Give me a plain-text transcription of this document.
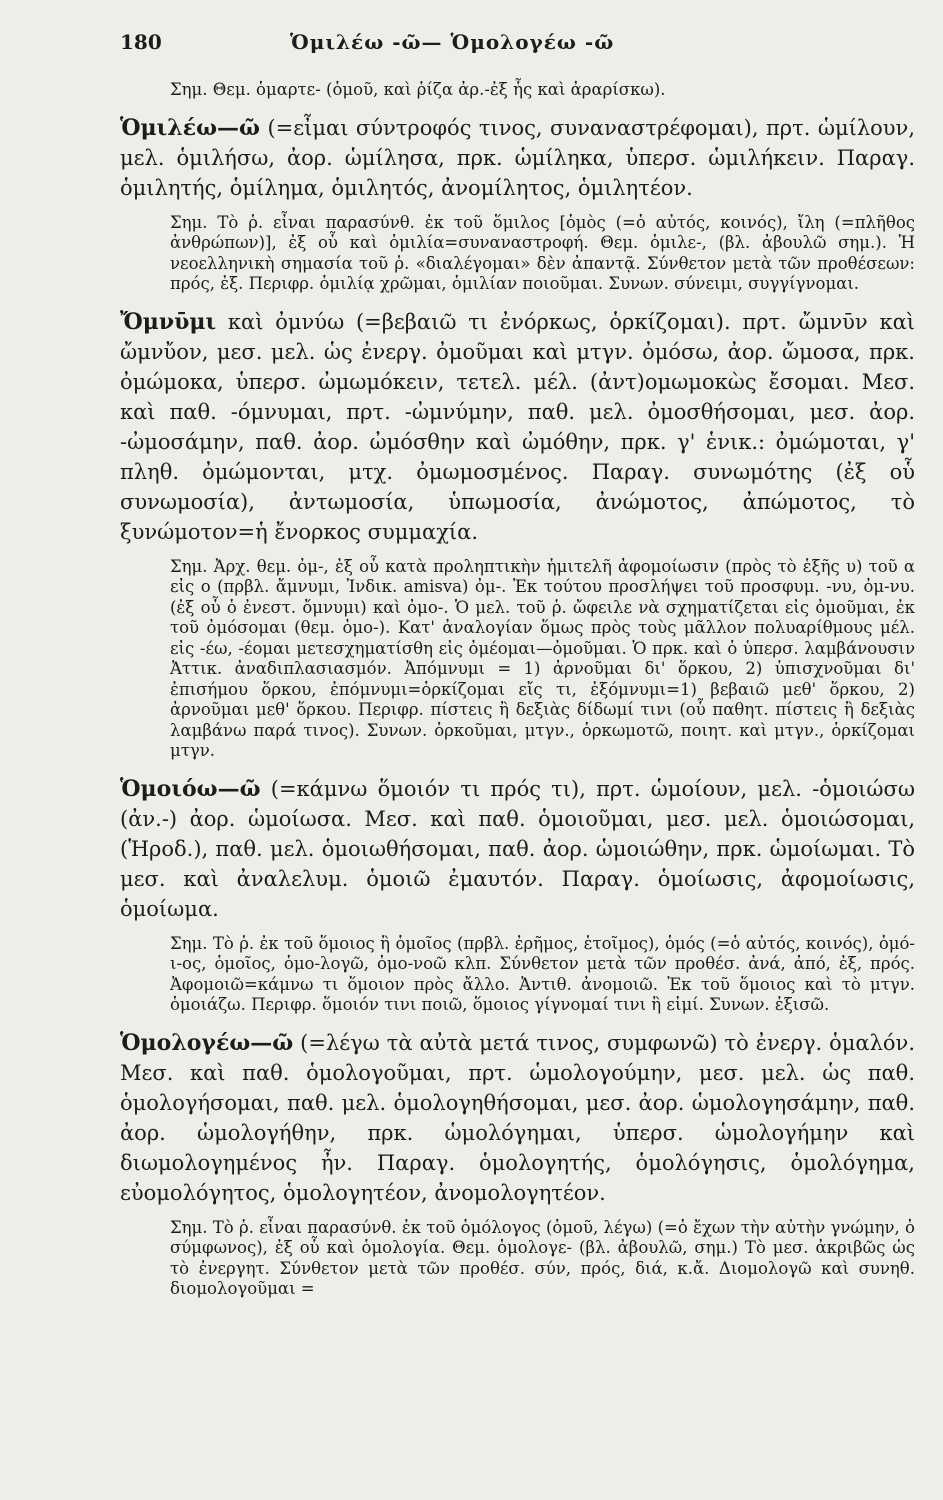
180	Ὁμιλέω -ῶ— Ὁμολογέω -ῶ

Σημ. Θεμ. ὁμαρτε- (ὁμοῦ, καὶ ῥίζα ἀρ.-ἐξ ἧς καὶ ἀραρίσκω).

Ὁμιλέω—ῶ (=εἶμαι σύντροφός τινος, συναναστρέφομαι), πρτ. ὡμίλουν, μελ. ὁμιλήσω, ἀορ. ὡμίλησα, πρκ. ὡμίληκα, ὑπερσ. ὡμιλήκειν. Παραγ. ὁμιλητής, ὁμίλημα, ὁμιλητός, ἀνομίλητος, ὁμιλητέον.

Σημ. Τὸ ῥ. εἶναι παρασύνθ. ἐκ τοῦ ὅμιλος [ὁμὸς (=ὁ αὐτός, κοινός), ἴλη (=πλῆθος ἀνθρώπων)], ἐξ οὗ καὶ ὁμιλία=συναναστροφή. Θεμ. ὁμιλε-, (βλ. ἀβουλῶ σημ.). Ἡ νεοελληνικὴ σημασία τοῦ ῥ. «διαλέγομαι» δὲν ἀπαντᾷ. Σύνθετον μετὰ τῶν προθέσεων: πρός, ἐξ. Περιφρ. ὁμιλίᾳ χρῶμαι, ὁμιλίαν ποιοῦμαι. Συνων. σύνειμι, συγγίγνομαι.

Ὄμνῡμι καὶ ὀμνύω (=βεβαιῶ τι ἐνόρκως, ὁρκίζομαι). πρτ. ὤμνῡν καὶ ὤμνὔον, μεσ. μελ. ὡς ἐνεργ. ὀμοῦμαι καὶ μτγν. ὀμόσω, ἀορ. ὤμοσα, πρκ. ὀμώμοκα, ὑπερσ. ὠμωμόκειν, τετελ. μέλ. (ἀντ)ομωμοκὼς ἔσομαι. Μεσ. καὶ παθ. -όμνυμαι, πρτ. -ὠμνύμην, παθ. μελ. ὀμοσθήσομαι, μεσ. ἀορ. -ὠμοσάμην, παθ. ἀορ. ὠμόσθην καὶ ὠμόθην, πρκ. γ' ἑνικ.: ὀμώμοται, γ' πληθ. ὀμώμονται, μτχ. ὀμωμοσμένος. Παραγ. συνωμότης (ἐξ οὗ συνωμοσία), ἀντωμοσία, ὑπωμοσία, ἀνώμοτος, ἀπώμοτος, τὸ ξυνώμοτον=ἡ ἔνορκος συμμαχία.

Σημ. Ἀρχ. θεμ. ὀμ-, ἐξ οὗ κατὰ προληπτικὴν ἡμιτελῆ ἀφομοίωσιν (πρὸς τὸ ἑξῆς υ) τοῦ α εἰς ο (πρβλ. ἄμνυμι, Ἰνδικ. amisva) ὀμ-. Ἐκ τούτου προσλήψει τοῦ προσφυμ. -νυ, ὀμ-νυ. (ἐξ οὗ ὁ ἐνεστ. ὄμνυμι) καὶ ὀμο-. Ὁ μελ. τοῦ ῥ. ὤφειλε νὰ σχηματίζεται εἰς ὀμοῦμαι, ἐκ τοῦ ὀμόσομαι (θεμ. ὀμο-). Κατ' ἀναλογίαν ὅμως πρὸς τοὺς μᾶλλον πολυαρίθμους μέλ. εἰς -έω, -έομαι μετεσχηματίσθη εἰς ὀμέομαι—ὀμοῦμαι. Ὁ πρκ. καὶ ὁ ὑπερσ. λαμβάνουσιν Ἀττικ. ἀναδιπλασιασμόν. Ἀπόμνυμι = 1) ἀρνοῦμαι δι' ὅρκου, 2) ὑπισχνοῦμαι δι' ἐπισήμου ὅρκου, ἐπόμνυμι=ὁρκίζομαι εἴς τι, ἐξόμνυμι=1) βεβαιῶ μεθ' ὅρκου, 2) ἀρνοῦμαι μεθ' ὅρκου. Περιφρ. πίστεις ἢ δεξιὰς δίδωμί τινι (οὗ παθητ. πίστεις ἢ δεξιὰς λαμβάνω παρά τινος). Συνων. ὁρκοῦμαι, μτγν., ὁρκωμοτῶ, ποιητ. καὶ μτγν., ὁρκίζομαι μτγν.

Ὁμοιόω—ῶ (=κάμνω ὅμοιόν τι πρός τι), πρτ. ὡμοίουν, μελ. -ὁμοιώσω (ἀν.-) ἀορ. ὡμοίωσα. Μεσ. καὶ παθ. ὁμοιοῦμαι, μεσ. μελ. ὁμοιώσομαι, (Ἡροδ.), παθ. μελ. ὁμοιωθήσομαι, παθ. ἀορ. ὡμοιώθην, πρκ. ὡμοίωμαι. Τὸ μεσ. καὶ ἀναλελυμ. ὁμοιῶ ἐμαυτόν. Παραγ. ὁμοίωσις, ἀφομοίωσις, ὁμοίωμα.

Σημ. Τὸ ῥ. ἐκ τοῦ ὅμοιος ἢ ὁμοῖος (πρβλ. ἐρῆμος, ἑτοῖμος), ὁμός (=ὁ αὐτός, κοινός), ὁμό-ι-ος, ὁμοῖος, ὁμο-λογῶ, ὁμο-νοῶ κλπ. Σύνθετον μετὰ τῶν προθέσ. ἀνά, ἀπό, ἐξ, πρός. Ἀφομοιῶ=κάμνω τι ὅμοιον πρὸς ἄλλο. Ἀντιθ. ἀνομοιῶ. Ἐκ τοῦ ὅμοιος καὶ τὸ μτγν. ὁμοιάζω. Περιφρ. ὅμοιόν τινι ποιῶ, ὅμοιος γίγνομαί τινι ἢ εἰμί. Συνων. ἐξισῶ.

Ὁμολογέω—ῶ (=λέγω τὰ αὐτὰ μετά τινος, συμφωνῶ) τὸ ἐνεργ. ὁμαλόν. Μεσ. καὶ παθ. ὁμολογοῦμαι, πρτ. ὡμολογούμην, μεσ. μελ. ὡς παθ. ὁμολογήσομαι, παθ. μελ. ὁμολογηθήσομαι, μεσ. ἀορ. ὡμολογησάμην, παθ. ἀορ. ὡμολογήθην, πρκ. ὡμολόγημαι, ὑπερσ. ὡμολογήμην καὶ διωμολογημένος ἦν. Παραγ. ὁμολογητής, ὁμολόγησις, ὁμολόγημα, εὐομολόγητος, ὁμολογητέον, ἀνομολογητέον.

Σημ. Τὸ ῥ. εἶναι παρασύνθ. ἐκ τοῦ ὁμόλογος (ὁμοῦ, λέγω) (=ὁ ἔχων τὴν αὐτὴν γνώμην, ὁ σύμφωνος), ἐξ οὗ καὶ ὁμολογία. Θεμ. ὁμολογε- (βλ. ἀβουλῶ, σημ.) Τὸ μεσ. ἀκριβῶς ὡς τὸ ἐνεργητ. Σύνθετον μετὰ τῶν προθέσ. σύν, πρός, διά, κ.ἄ. Διομολογῶ καὶ συνηθ. διομολογοῦμαι =
